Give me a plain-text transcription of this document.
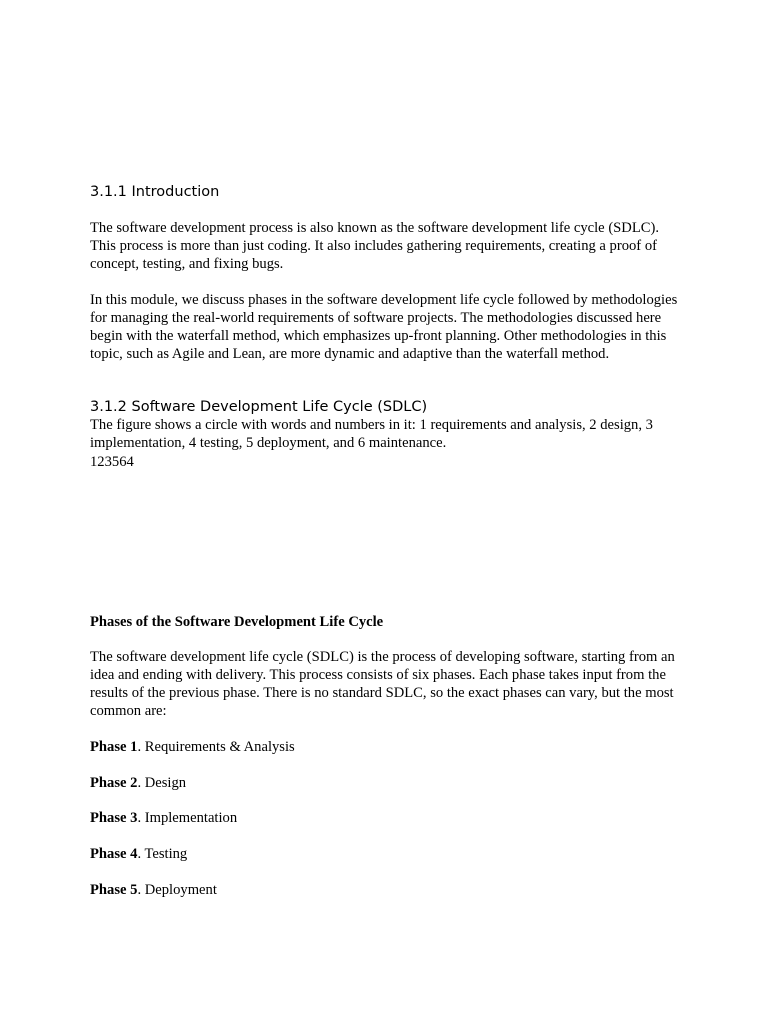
3.1.1 Introduction

The software development process is also known as the software development life cycle (SDLC). This process is more than just coding. It also includes gathering requirements, creating a proof of concept, testing, and fixing bugs.

In this module, we discuss phases in the software development life cycle followed by methodologies for managing the real-world requirements of software projects. The methodologies discussed here begin with the waterfall method, which emphasizes up-front planning. Other methodologies in this topic, such as Agile and Lean, are more dynamic and adaptive than the waterfall method.

3.1.2 Software Development Life Cycle (SDLC)

The figure shows a circle with words and numbers in it: 1 requirements and analysis, 2 design, 3 implementation, 4 testing, 5 deployment, and 6 maintenance.

123564

Phases of the Software Development Life Cycle

The software development life cycle (SDLC) is the process of developing software, starting from an idea and ending with delivery. This process consists of six phases. Each phase takes input from the results of the previous phase. There is no standard SDLC, so the exact phases can vary, but the most common are:

Phase 1. Requirements & Analysis

Phase 2. Design

Phase 3. Implementation

Phase 4. Testing

Phase 5. Deployment
